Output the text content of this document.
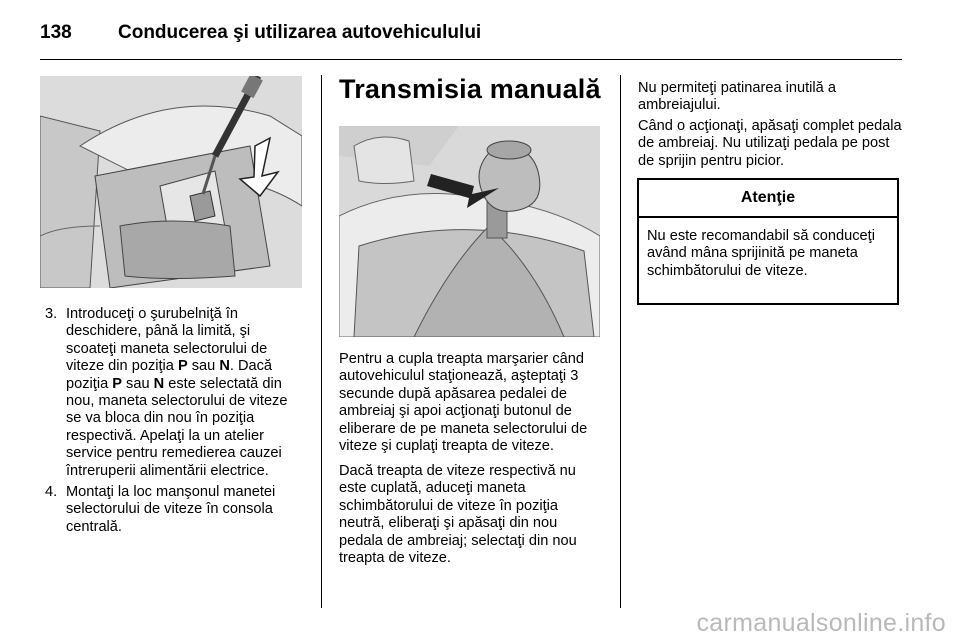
138 Conducerea şi utilizarea autovehiculului
3. Introduceţi o şurubelniţă în deschidere, până la limită, şi scoateţi maneta selectorului de viteze din poziţia P sau N. Dacă poziţia P sau N este selectată din nou, maneta selectorului de viteze se va bloca din nou în poziţia respectivă. Apelaţi la un atelier service pentru remedierea cauzei întreruperii alimentării electrice.
4. Montaţi la loc manşonul manetei selectorului de viteze în consola centrală.
Transmisia manuală

Pentru a cupla treapta marşarier când autovehiculul staţionează, aşteptaţi 3 secunde după apăsarea pedalei de ambreiaj şi apoi acţionaţi butonul de eliberare de pe maneta selectorului de viteze şi cuplaţi treapta de viteze.

Dacă treapta de viteze respectivă nu este cuplată, aduceţi maneta schimbătorului de viteze în poziţia neutră, eliberaţi şi apăsaţi din nou pedala de ambreiaj; selectaţi din nou treapta de viteze.

Nu permiteţi patinarea inutilă a ambreiajului.

Când o acţionaţi, apăsaţi complet pedala de ambreiaj. Nu utilizaţi pedala pe post de sprijin pentru picior.

Atenţie
Nu este recomandabil să conduceţi având mâna sprijinită pe maneta schimbătorului de viteze.
carmanualsonline.info
